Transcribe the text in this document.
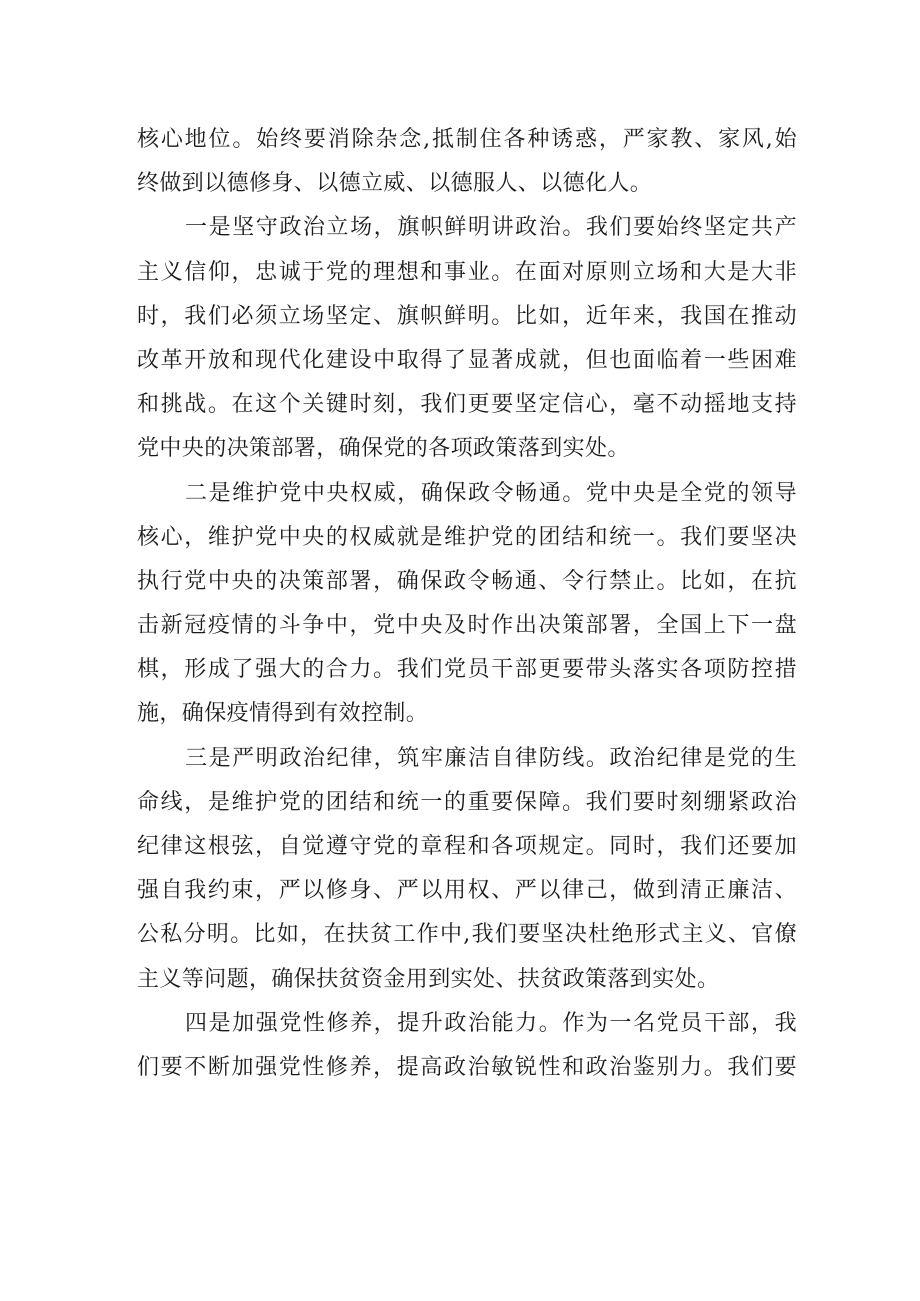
核心地位。始终要消除杂念,抵制住各种诱惑，严家教、家风,始
终做到以德修身、以德立威、以德服人、以德化人。
一是坚守政治立场，旗帜鲜明讲政治。我们要始终坚定共产
主义信仰，忠诚于党的理想和事业。在面对原则立场和大是大非
时，我们必须立场坚定、旗帜鲜明。比如，近年来，我国在推动
改革开放和现代化建设中取得了显著成就，但也面临着一些困难
和挑战。在这个关键时刻，我们更要坚定信心，毫不动摇地支持
党中央的决策部署，确保党的各项政策落到实处。
二是维护党中央权威，确保政令畅通。党中央是全党的领导
核心，维护党中央的权威就是维护党的团结和统一。我们要坚决
执行党中央的决策部署，确保政令畅通、令行禁止。比如，在抗
击新冠疫情的斗争中，党中央及时作出决策部署，全国上下一盘
棋，形成了强大的合力。我们党员干部更要带头落实各项防控措
施，确保疫情得到有效控制。
三是严明政治纪律，筑牢廉洁自律防线。政治纪律是党的生
命线，是维护党的团结和统一的重要保障。我们要时刻绷紧政治
纪律这根弦，自觉遵守党的章程和各项规定。同时，我们还要加
强自我约束，严以修身、严以用权、严以律己，做到清正廉洁、
公私分明。比如，在扶贫工作中,我们要坚决杜绝形式主义、官僚
主义等问题，确保扶贫资金用到实处、扶贫政策落到实处。
四是加强党性修养，提升政治能力。作为一名党员干部，我
们要不断加强党性修养，提高政治敏锐性和政治鉴别力。我们要
